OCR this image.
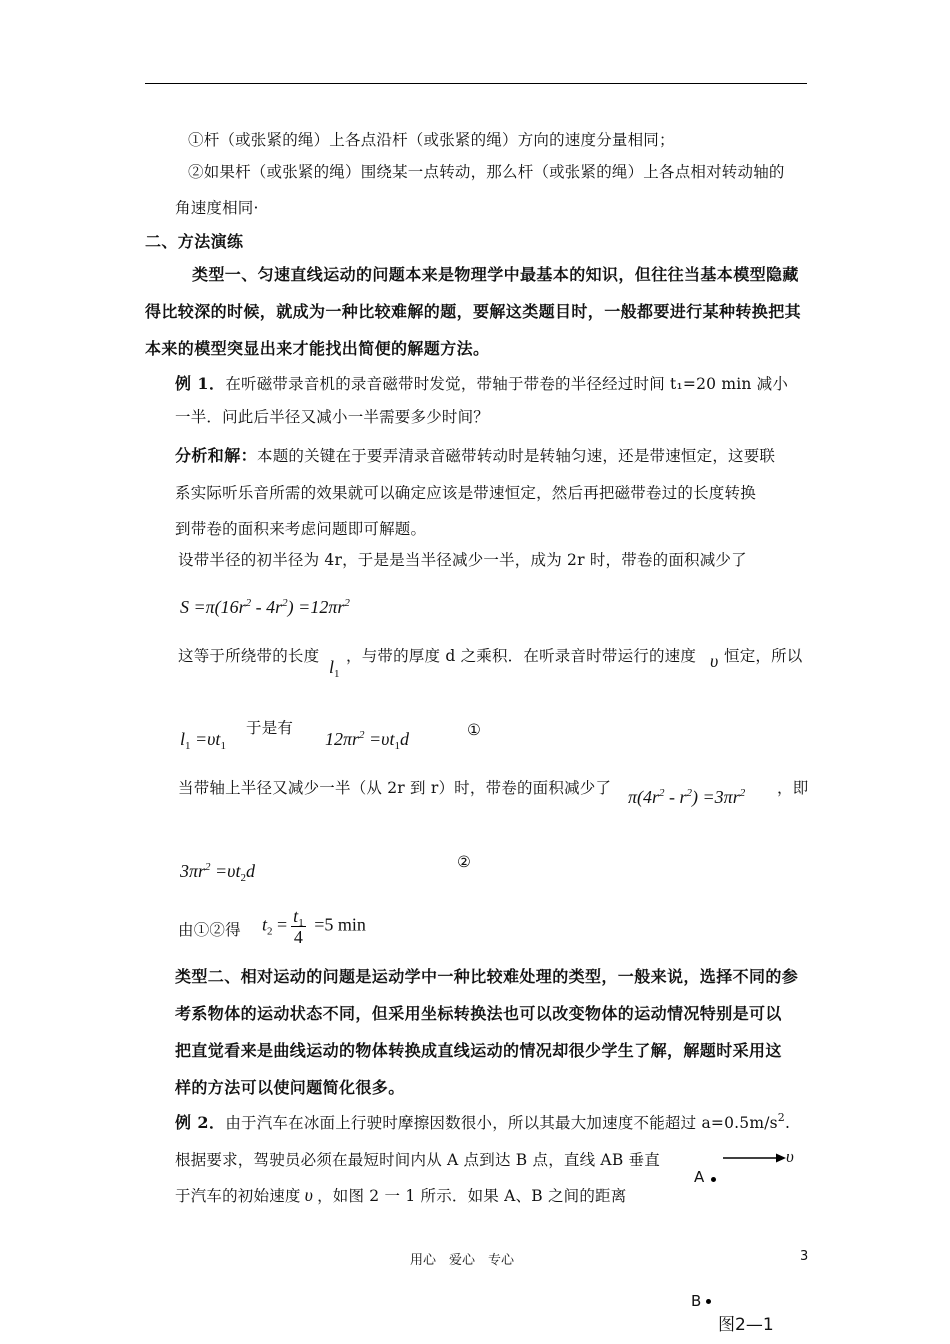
①杆（或张紧的绳）上各点沿杆（或张紧的绳）方向的速度分量相同；
②如果杆（或张紧的绳）围绕某一点转动，那么杆（或张紧的绳）上各点相对转动轴的
角速度相同·
二、方法演练
类型一、匀速直线运动的问题本来是物理学中最基本的知识，但往往当基本模型隐藏
得比较深的时候，就成为一种比较难解的题，要解这类题目时，一般都要进行某种转换把其
本来的模型突显出来才能找出简便的解题方法。
例 1．在听磁带录音机的录音磁带时发觉，带轴于带卷的半径经过时间 t₁=20 min 减小
一半．问此后半径又减小一半需要多少时间？
分析和解：本题的关键在于要弄清录音磁带转动时是转轴匀速，还是带速恒定，这要联
系实际听乐音所需的效果就可以确定应该是带速恒定，然后再把磁带卷过的长度转换
到带卷的面积来考虑问题即可解题。
设带半径的初半径为 4r，于是是当半径减少一半，成为 2r 时，带卷的面积减少了
$S =\pi(16r^2 - 4r^2) =12\pi r^2$
这等于所绕带的长度
$l_1$
，与带的厚度 d 之乘积．在听录音时带运行的速度 υ 恒定，所以
$l_1 =\upsilon t_1$
于是有
$12\pi r^2 =\upsilon t_1d$	①
当带轴上半径又减少一半（从 2r 到 r）时，带卷的面积减少了 $\pi(4r^2 - r^2) =3\pi r^2$ ，即
$3\pi r^2 =\upsilon t_2d$	②
由①②得 $t_2 = \frac{t_1}{4} =5$ min
类型二、相对运动的问题是运动学中一种比较难处理的类型，一般来说，选择不同的参
考系物体的运动状态不同，但采用坐标转换法也可以改变物体的运动情况特别是可以
把直觉看来是曲线运动的物体转换成直线运动的情况却很少学生了解，解题时采用这
样的方法可以使问题简化很多。
例 2．由于汽车在冰面上行驶时摩擦因数很小，所以其最大加速度不能超过 $a=0.5m/s^2$.
根据要求，驾驶员必须在最短时间内从 A 点到达 B 点，直线 AB 垂直
于汽车的初始速度 υ ，如图 2 一 1 所示．如果 A、B 之间的距离
A
υ
B
图2—1
用心　爱心　专心	3
